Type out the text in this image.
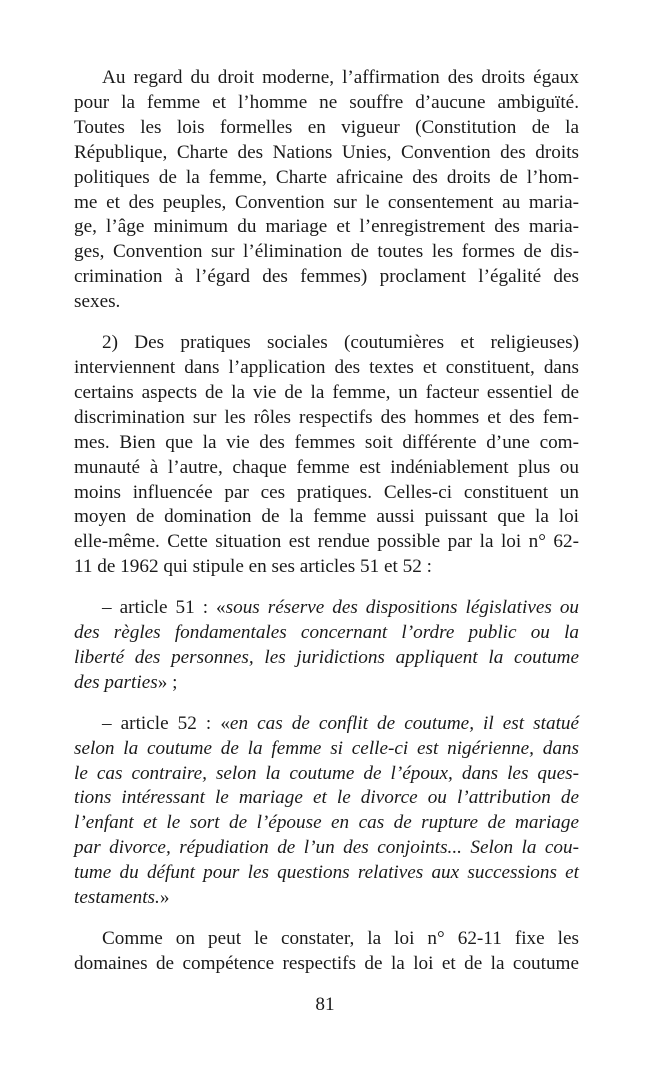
Au regard du droit moderne, l’affirmation des droits égaux
pour la femme et l’homme ne souffre d’aucune ambiguïté.
Toutes les lois formelles en vigueur (Constitution de la
République, Charte des Nations Unies, Convention des droits
politiques de la femme, Charte africaine des droits de l’hom-
me et des peuples, Convention sur le consentement au maria-
ge, l’âge minimum du mariage et l’enregistrement des maria-
ges, Convention sur l’élimination de toutes les formes de dis-
crimination à l’égard des femmes) proclament l’égalité des
sexes.

2) Des pratiques sociales (coutumières et religieuses)
interviennent dans l’application des textes et constituent, dans
certains aspects de la vie de la femme, un facteur essentiel de
discrimination sur les rôles respectifs des hommes et des fem-
mes. Bien que la vie des femmes soit différente d’une com-
munauté à l’autre, chaque femme est indéniablement plus ou
moins influencée par ces pratiques. Celles-ci constituent un
moyen de domination de la femme aussi puissant que la loi
elle-même. Cette situation est rendue possible par la loi n° 62-
11 de 1962 qui stipule en ses articles 51 et 52 :

– article 51 : «sous réserve des dispositions législatives ou
des règles fondamentales concernant l’ordre public ou la
liberté des personnes, les juridictions appliquent la coutume
des parties» ;

– article 52 : «en cas de conflit de coutume, il est statué
selon la coutume de la femme si celle-ci est nigérienne, dans
le cas contraire, selon la coutume de l’époux, dans les ques-
tions intéressant le mariage et le divorce ou l’attribution de
l’enfant et le sort de l’épouse en cas de rupture de mariage
par divorce, répudiation de l’un des conjoints... Selon la cou-
tume du défunt pour les questions relatives aux successions et
testaments.»

Comme on peut le constater, la loi n° 62-11 fixe les
domaines de compétence respectifs de la loi et de la coutume

81
